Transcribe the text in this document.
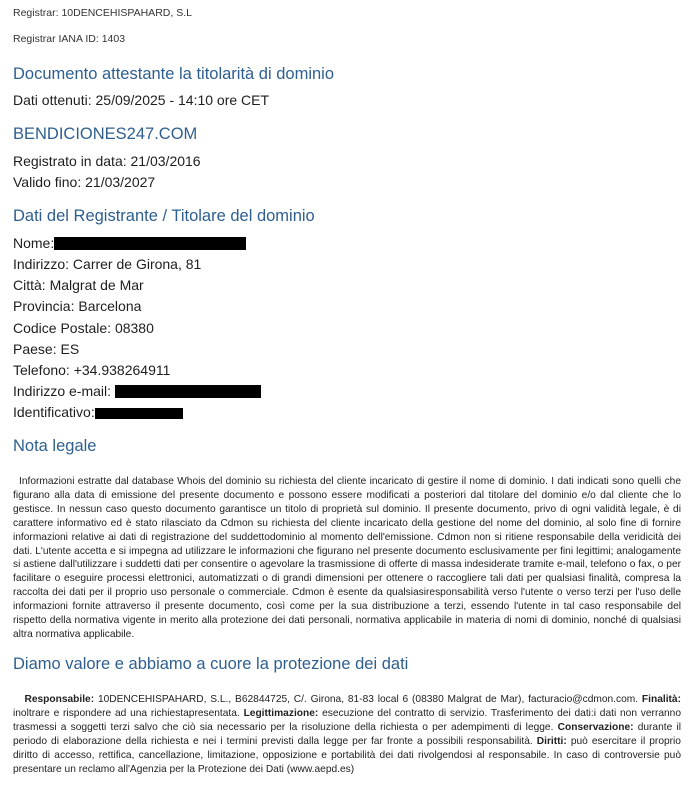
Registrar: 10DENCEHISPAHARD, S.L
Registrar IANA ID: 1403
Documento attestante la titolarità di dominio
Dati ottenuti: 25/09/2025 - 14:10 ore CET
BENDICIONES247.COM
Registrato in data: 21/03/2016
Valido fino: 21/03/2027
Dati del Registrante / Titolare del dominio
Nome:
Indirizzo: Carrer de Girona, 81
Città: Malgrat de Mar
Provincia: Barcelona
Codice Postale: 08380
Paese: ES
Telefono: +34.938264911
Indirizzo e-mail:
Identificativo:
Nota legale

Informazioni estratte dal database Whois del dominio su richiesta del cliente incaricato di gestire il nome di dominio. I dati indicati sono quelli che figurano alla data di emissione del presente documento e possono essere modificati a posteriori dal titolare del dominio e/o dal cliente che lo gestisce. In nessun caso questo documento garantisce un titolo di proprietà sul dominio. Il presente documento, privo di ogni validità legale, è di carattere informativo ed è stato rilasciato da Cdmon su richiesta del cliente incaricato della gestione del nome del dominio, al solo fine di fornire informazioni relative ai dati di registrazione del suddettodominio al momento dell'emissione. Cdmon non si ritiene responsabile della veridicità dei dati. L'utente accetta e si impegna ad utilizzare le informazioni che figurano nel presente documento esclusivamente per fini legittimi; analogamente si astiene dall'utilizzare i suddetti dati per consentire o agevolare la trasmissione di offerte di massa indesiderate tramite e-mail, telefono o fax, o per facilitare o eseguire processi elettronici, automatizzati o di grandi dimensioni per ottenere o raccogliere tali dati per qualsiasi finalità, compresa la raccolta dei dati per il proprio uso personale o commerciale. Cdmon è esente da qualsiasiresponsabilità verso l'utente o verso terzi per l'uso delle informazioni fornite attraverso il presente documento, così come per la sua distribuzione a terzi, essendo l'utente in tal caso responsabile del rispetto della normativa vigente in merito alla protezione dei dati personali, normativa applicabile in materia di nomi di dominio, nonché di qualsiasi altra normativa applicabile.

Diamo valore e abbiamo a cuore la protezione dei dati

Responsabile: 10DENCEHISPAHARD, S.L., B62844725, C/. Girona, 81-83 local 6 (08380 Malgrat de Mar), facturacio@cdmon.com. Finalità: inoltrare e rispondere ad una richiestapresentata. Legittimazione: esecuzione del contratto di servizio. Trasferimento dei dati:i dati non verranno trasmessi a soggetti terzi salvo che ciò sia necessario per la risoluzione della richiesta o per adempimenti di legge. Conservazione: durante il periodo di elaborazione della richiesta e nei i termini previsti dalla legge per far fronte a possibili responsabilità. Diritti: può esercitare il proprio diritto di accesso, rettifica, cancellazione, limitazione, opposizione e portabilità dei dati rivolgendosi al responsabile. In caso di controversie può presentare un reclamo all'Agenzia per la Protezione dei Dati (www.aepd.es)
